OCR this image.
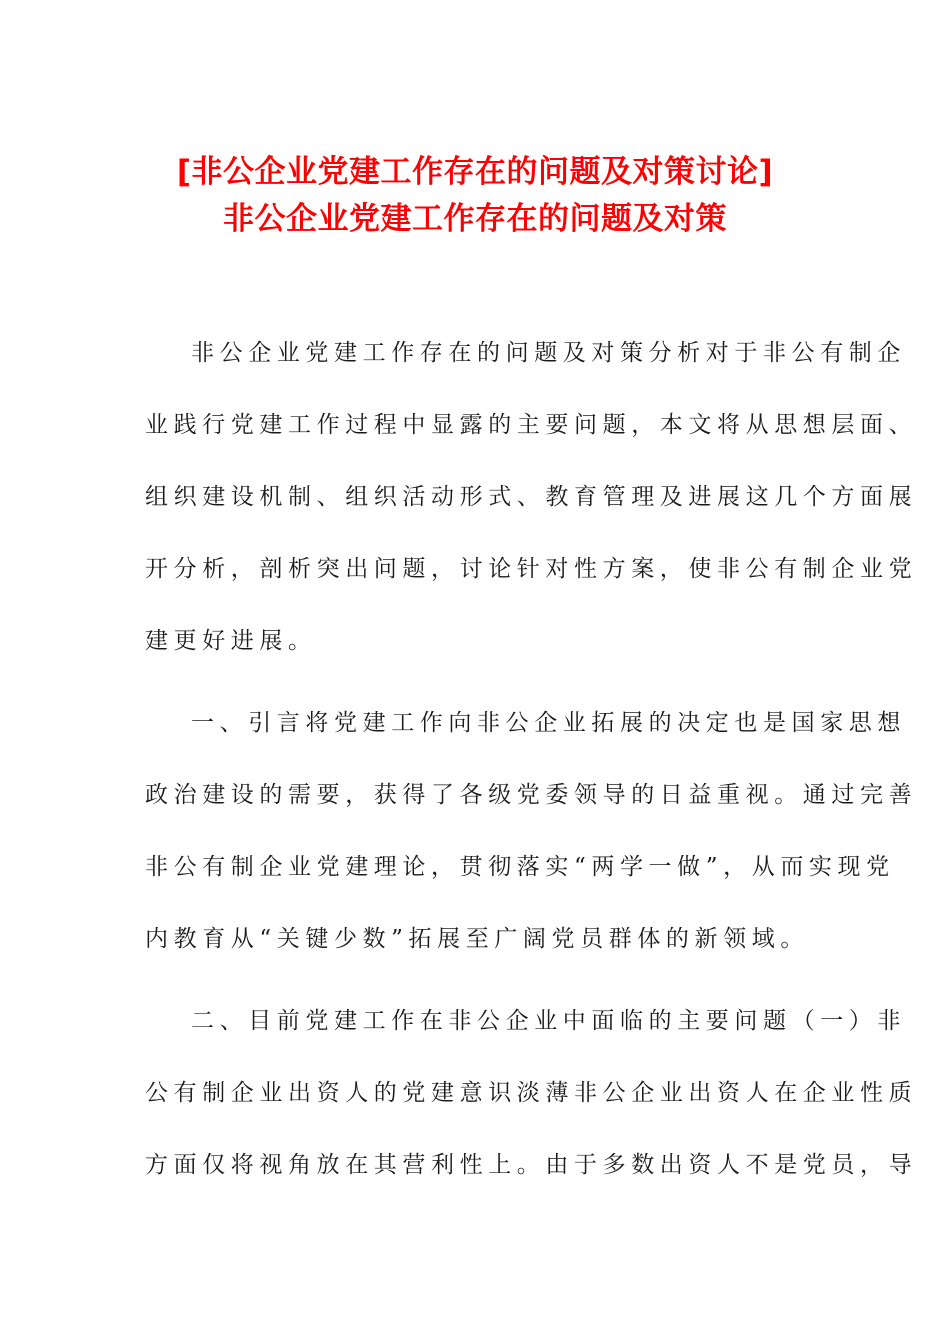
[非公企业党建工作存在的问题及对策讨论]
非公企业党建工作存在的问题及对策
非公企业党建工作存在的问题及对策分析对于非公有制企
业践行党建工作过程中显露的主要问题，本文将从思想层面、
组织建设机制、组织活动形式、教育管理及进展这几个方面展
开分析，剖析突出问题，讨论针对性方案，使非公有制企业党
建更好进展。
一、引言将党建工作向非公企业拓展的决定也是国家思想
政治建设的需要，获得了各级党委领导的日益重视。通过完善
非公有制企业党建理论，贯彻落实“两学一做”，从而实现党
内教育从“关键少数”拓展至广阔党员群体的新领域。
二、目前党建工作在非公企业中面临的主要问题（一）非
公有制企业出资人的党建意识淡薄非公企业出资人在企业性质
方面仅将视角放在其营利性上。由于多数出资人不是党员，导
